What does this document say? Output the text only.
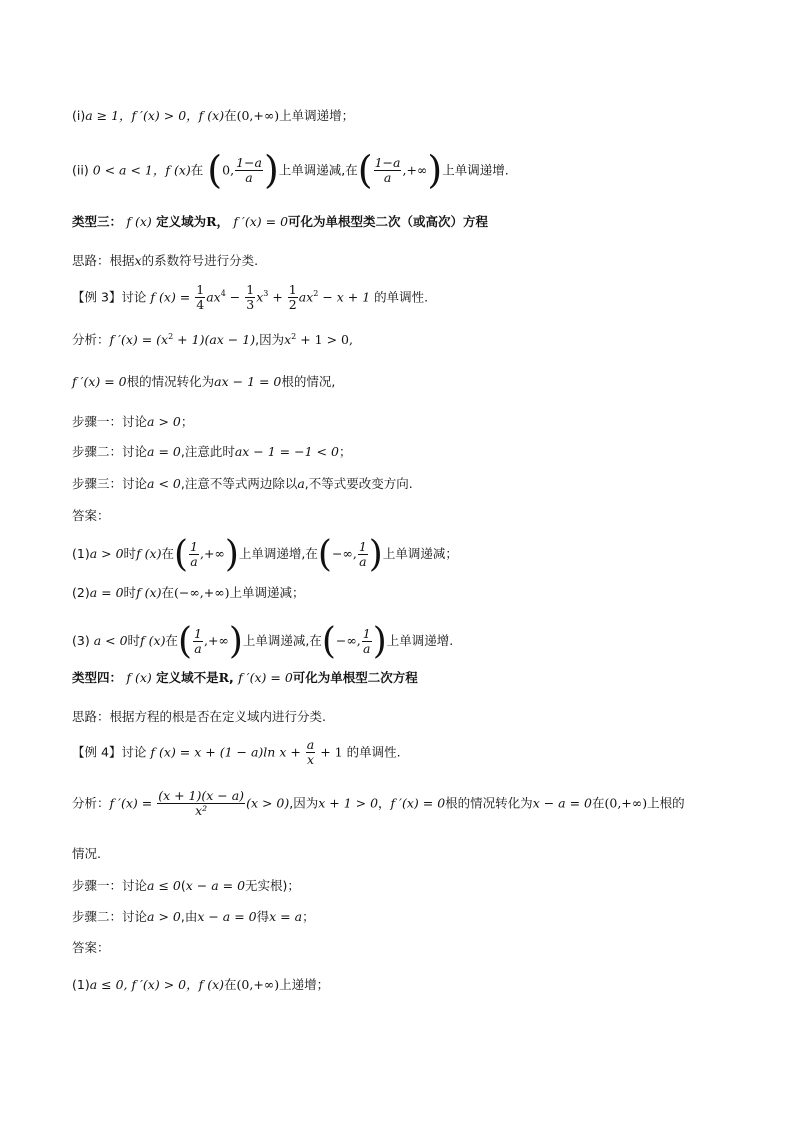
(i)a ≥ 1，f ′(x) > 0，f (x)在(0,+∞)上单调递增；
(ii) 0 < a < 1，f (x)在 (0, $\frac{1-a}{a}$ )上单调递减,在( $\frac{1-a}{a}$ ,+∞)上单调递增.
类型三： f (x) 定义域为R， f ′(x) = 0可化为单根型类二次（或高次）方程
思路：根据x的系数符号进行分类.
【例 3】讨论 f $(x) = \frac{1}{4} ax^4 - \frac{1}{3} x^3 + \frac{1}{2} ax^2 - x + 1$ 的单调性.
分析：f $'(x) = (x^2 + 1)(ax - 1)$,因为$x^2 + 1 > 0$,
f ′(x) = 0根的情况转化为ax − 1 = 0根的情况,
步骤一：讨论a > 0；
步骤二：讨论a = 0,注意此时ax − 1 = −1 < 0；
步骤三：讨论a < 0,注意不等式两边除以a,不等式要改变方向.
答案：
(1)a > 0时f (x)在( $\frac{1}{a}$ ,+∞)上单调递增,在(−∞, $\frac{1}{a}$ )上单调递减；
(2)a = 0时f (x)在(−∞,+∞)上单调递减；
(3) a < 0时f (x)在( $\frac{1}{a}$ ,+∞)上单调递减,在(−∞, $\frac{1}{a}$ )上单调递增.
类型四： f (x) 定义域不是R, f ′(x) = 0可化为单根型二次方程
思路：根据方程的根是否在定义域内进行分类.
【例 4】讨论 f (x) = x + (1 − a)ln $x + \frac{a}{x} + 1$ 的单调性.
分析：f $'(x) = \frac{(x + 1)(x - a)}{\text{x²}} (x > 0)$,因为x + 1 > 0，f ′(x) = 0根的情况转化为x − a = 0在(0,+∞)上根的
情况.
步骤一：讨论a ≤ 0(x − a = 0无实根)；
步骤二：讨论a > 0,由x − a = 0得x = a；
答案：
(1)a ≤ 0, f ′(x) > 0，f (x)在(0,+∞)上递增；
